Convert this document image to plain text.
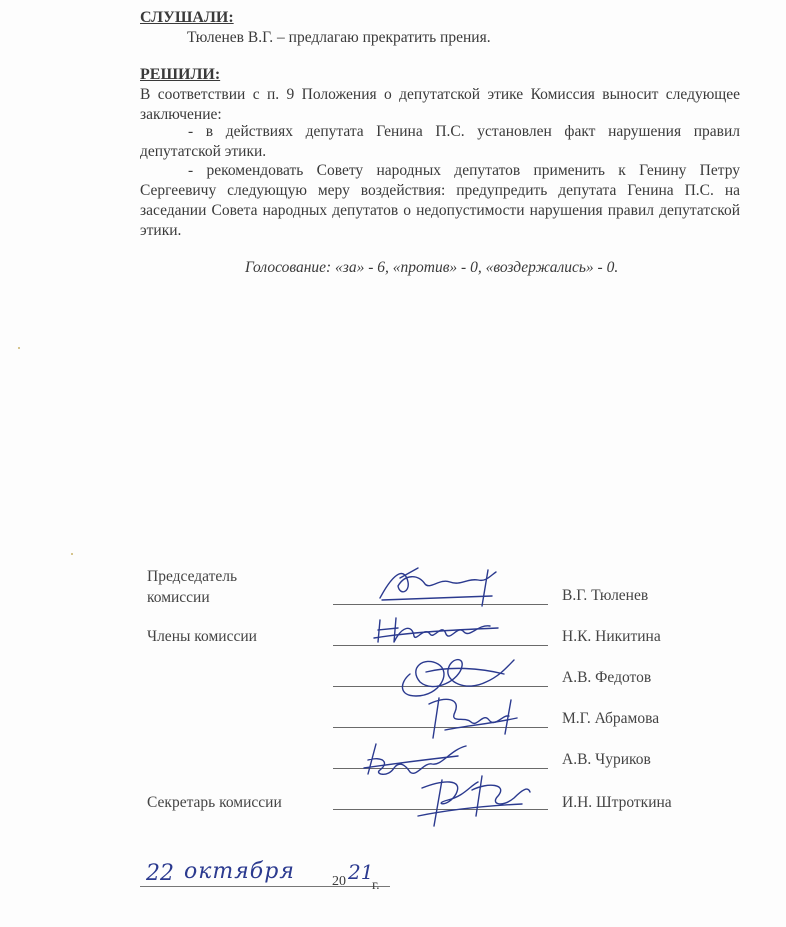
СЛУШАЛИ:
Тюленев В.Г. – предлагаю прекратить прения.
РЕШИЛИ:
В соответствии с п. 9 Положения о депутатской этике Комиссия выносит следующее заключение:
- в действиях депутата Генина П.С. установлен факт нарушения правил депутатской этики.
- рекомендовать Совету народных депутатов применить к Генину Петру Сергеевичу следующую меру воздействия: предупредить депутата Генина П.С. на заседании Совета народных депутатов о недопустимости нарушения правил депутатской этики.
Голосование: «за» - 6, «против» - 0, «воздержались» - 0.
Председатель
комиссии
Члены комиссии
Секретарь комиссии
В.Г. Тюленев
Н.К. Никитина
А.В. Федотов
М.Г. Абрамова
А.В. Чуриков
И.Н. Штроткина
22 октября	20 21
г.
